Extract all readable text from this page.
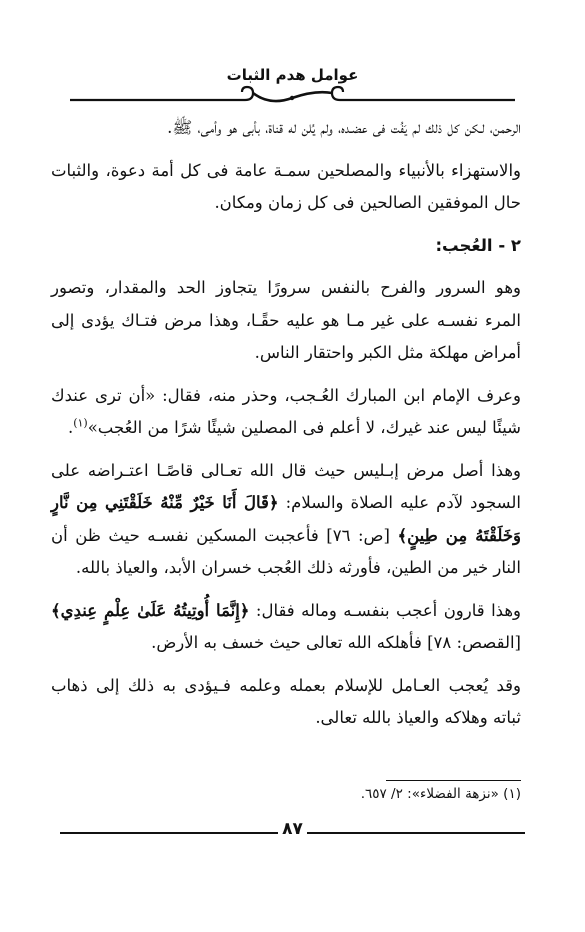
عوامل هدم الثبات

الرحمن، لـكن كل ذلك لم يَفُت فى عضـده، ولم يُلن له قناة، بأبى هو وأمى، ﷺ.

والاستهزاء بالأنبياء والمصلحين سمـة عامة فى كل أمة دعوة، والثبات حال الموفقين الصالحين فى كل زمان ومكان.

٢ - العُجب:

وهو السرور والفرح بالنفس سرورًا يتجاوز الحد والمقدار، وتصور المرء نفسـه على غير مـا هو عليه حقًـا، وهذا مرض فتـاك يؤدى إلى أمراض مهلكة مثل الكبر واحتقار الناس.

وعرف الإمام ابن المبارك العُـجب، وحذر منه، فقال: «أن ترى عندك شيئًا ليس عند غيرك، لا أعلم فى المصلين شيئًا شرًا من العُجب»$^{(١)}$.

وهذا أصل مرض إبـليس حيث قال الله تعـالى قاصًـا اعتـراضه على السجود لآدم عليه الصلاة والسلام: ﴿قَالَ أَنَا خَيْرٌ مِّنْهُ خَلَقْتَنِي مِن نَّارٍ وَخَلَقْتَهُ مِن طِينٍ﴾ [ص: ٧٦] فأعجبت المسكين نفسـه حيث ظن أن النار خير من الطين، فأورثه ذلك العُجب خسران الأبد، والعياذ بالله.

وهذا قارون أعجب بنفسـه وماله فقال: ﴿إِنَّمَا أُوتِيتُهُ عَلَىٰ عِلْمٍ عِندِي﴾ [القصص: ٧٨] فأهلكه الله تعالى حيث خسف به الأرض.

وقد يُعجب العـامل للإسلام بعمله وعلمه فـيؤدى به ذلك إلى ذهاب ثباته وهلاكه والعياذ بالله تعالى.

(١) «نزهة الفضلاء»: ٢/ ٦٥٧.
٨٧
